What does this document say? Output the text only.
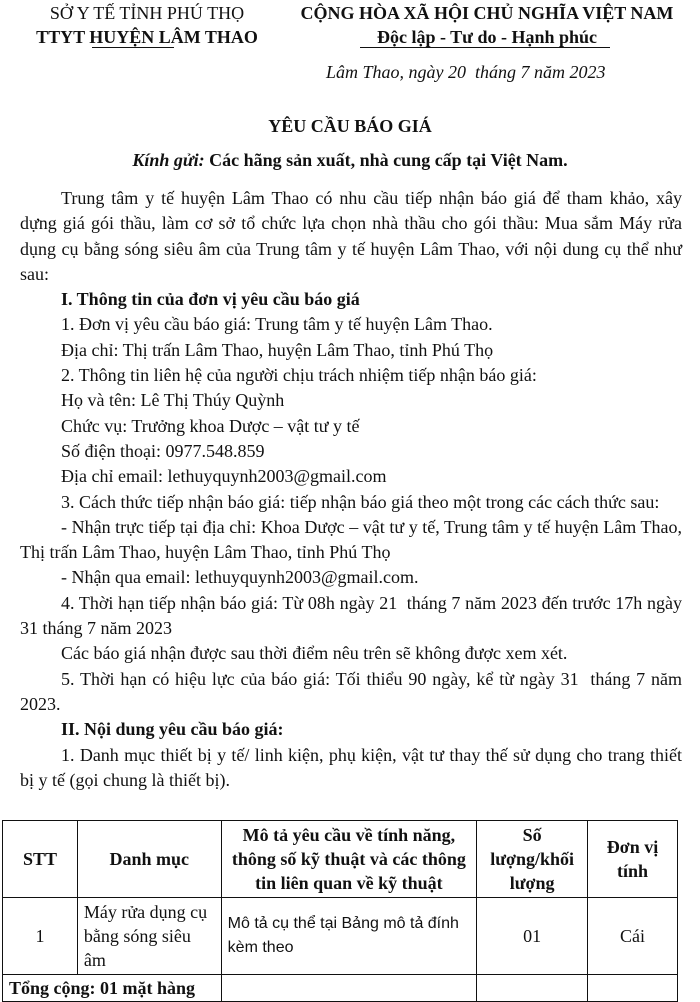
SỞ Y TẾ TỈNH PHÚ THỌ
TTYT HUYỆN LÂM THAO
CỘNG HÒA XÃ HỘI CHỦ NGHĨA VIỆT NAM
Độc lập - Tư do - Hạnh phúc
Lâm Thao, ngày 20  tháng 7 năm 2023
YÊU CẦU BÁO GIÁ
Kính gửi: Các hãng sản xuất, nhà cung cấp tại Việt Nam.

Trung tâm y tế huyện Lâm Thao có nhu cầu tiếp nhận báo giá để tham khảo, xây dựng giá gói thầu, làm cơ sở tổ chức lựa chọn nhà thầu cho gói thầu: Mua sắm Máy rửa dụng cụ bằng sóng siêu âm của Trung tâm y tế huyện Lâm Thao, với nội dung cụ thể như sau:

I. Thông tin của đơn vị yêu cầu báo giá

1. Đơn vị yêu cầu báo giá: Trung tâm y tế huyện Lâm Thao.

Địa chỉ: Thị trấn Lâm Thao, huyện Lâm Thao, tỉnh Phú Thọ

2. Thông tin liên hệ của người chịu trách nhiệm tiếp nhận báo giá:

Họ và tên: Lê Thị Thúy Quỳnh

Chức vụ: Trưởng khoa Dược – vật tư y tế

Số điện thoại: 0977.548.859

Địa chỉ email: lethuyquynh2003@gmail.com

3. Cách thức tiếp nhận báo giá: tiếp nhận báo giá theo một trong các cách thức sau:

- Nhận trực tiếp tại địa chỉ: Khoa Dược – vật tư y tế, Trung tâm y tế huyện Lâm Thao, Thị trấn Lâm Thao, huyện Lâm Thao, tỉnh Phú Thọ

- Nhận qua email: lethuyquynh2003@gmail.com.

4. Thời hạn tiếp nhận báo giá: Từ 08h ngày 21  tháng 7 năm 2023 đến trước 17h ngày 31 tháng 7 năm 2023

Các báo giá nhận được sau thời điểm nêu trên sẽ không được xem xét.

5. Thời hạn có hiệu lực của báo giá: Tối thiểu 90 ngày, kể từ ngày 31  tháng 7 năm 2023.

II. Nội dung yêu cầu báo giá:

1. Danh mục thiết bị y tế/ linh kiện, phụ kiện, vật tư thay thế sử dụng cho trang thiết bị y tế (gọi chung là thiết bị).

STT	Danh mục	Mô tả yêu cầu về tính năng, thông số kỹ thuật và các thông tin liên quan về kỹ thuật	Số lượng/khối lượng	Đơn vị tính
1	Máy rửa dụng cụ bằng sóng siêu âm	Mô tả cụ thể tại Bảng mô tả đính kèm theo	01	Cái
Tổng cộng: 01 mặt hàng				
